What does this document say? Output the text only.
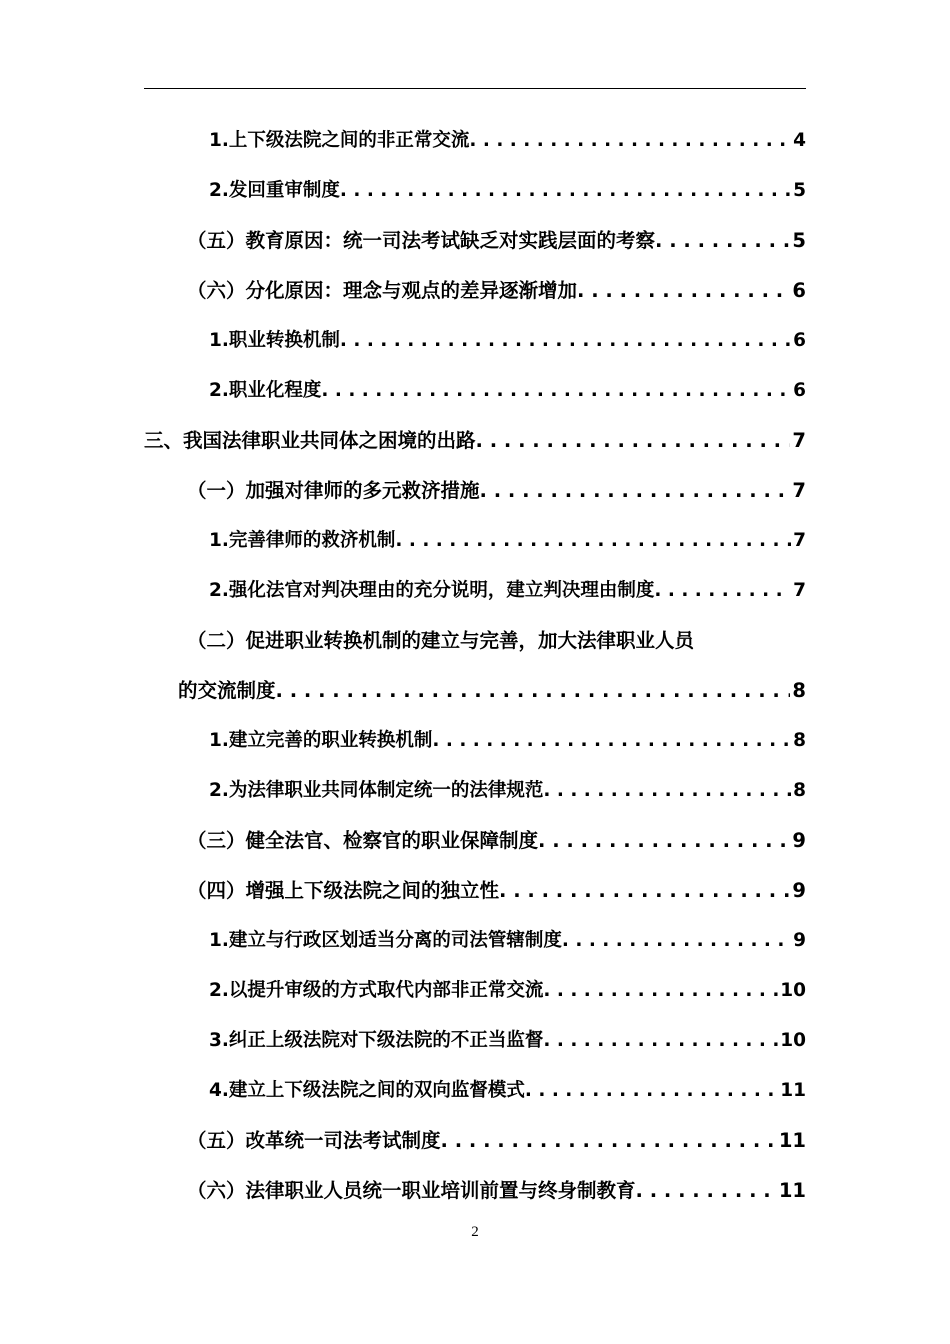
1.上下级法院之间的非正常交流 . . .	4
2.发回重审制度 . . .	5
（五）教育原因：统一司法考试缺乏对实践层面的考察 . . .	5
（六）分化原因：理念与观点的差异逐渐增加 . . .	6
1.职业转换机制 . . .	6
2.职业化程度 . . .	6
三、我国法律职业共同体之困境的出路 . . .	7
（一）加强对律师的多元救济措施 . . .	7
1.完善律师的救济机制 . . .	7
2.强化法官对判决理由的充分说明，建立判决理由制度 . . .	7
（二）促进职业转换机制的建立与完善，加大法律职业人员
的交流制度 . . .	8
1.建立完善的职业转换机制 . . .	8
2.为法律职业共同体制定统一的法律规范 . . .	8
（三）健全法官、检察官的职业保障制度 . . .	9
（四）增强上下级法院之间的独立性 . . .	9
1.建立与行政区划适当分离的司法管辖制度 . . .	9
2.以提升审级的方式取代内部非正常交流 . . .	10
3.纠正上级法院对下级法院的不正当监督 . . .	10
4.建立上下级法院之间的双向监督模式 . . .	11
（五）改革统一司法考试制度 . . .	11
（六）法律职业人员统一职业培训前置与终身制教育 . . .	11
2
